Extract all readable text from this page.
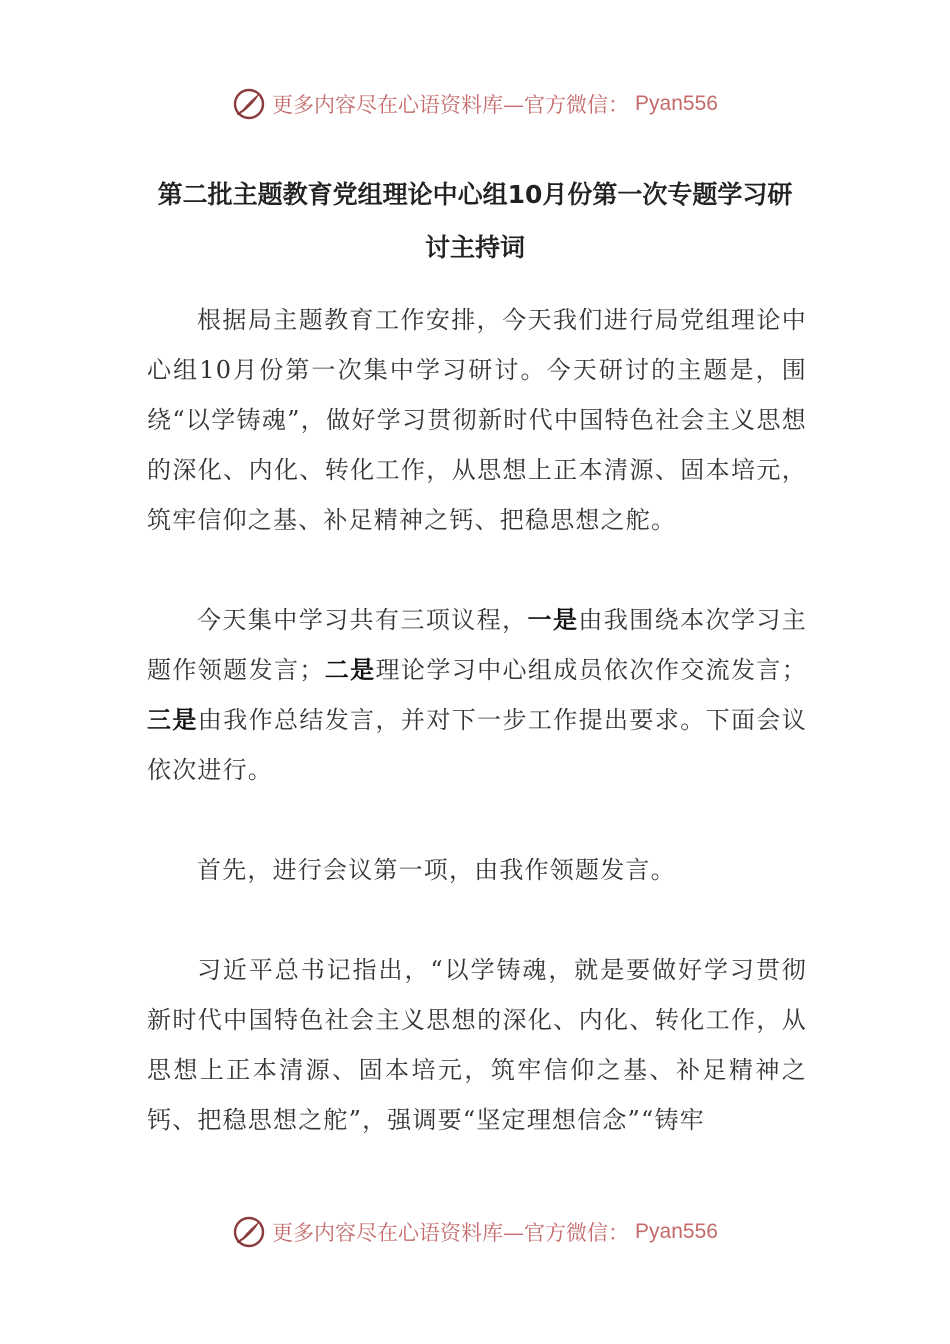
更多内容尽在心语资料库—官方微信： Pyan556
第二批主题教育党组理论中心组10月份第一次专题学习研
讨主持词

根据局主题教育工作安排，今天我们进行局党组理论中心组10月份第一次集中学习研讨。今天研讨的主题是，围绕“以学铸魂”，做好学习贯彻新时代中国特色社会主义思想的深化、内化、转化工作，从思想上正本清源、固本培元，筑牢信仰之基、补足精神之钙、把稳思想之舵。

今天集中学习共有三项议程，一是由我围绕本次学习主题作领题发言；二是理论学习中心组成员依次作交流发言；三是由我作总结发言，并对下一步工作提出要求。下面会议依次进行。

首先，进行会议第一项，由我作领题发言。

习近平总书记指出，“以学铸魂，就是要做好学习贯彻新时代中国特色社会主义思想的深化、内化、转化工作，从思想上正本清源、固本培元，筑牢信仰之基、补足精神之钙、把稳思想之舵”，强调要“坚定理想信念”“铸牢

更多内容尽在心语资料库—官方微信： Pyan556
